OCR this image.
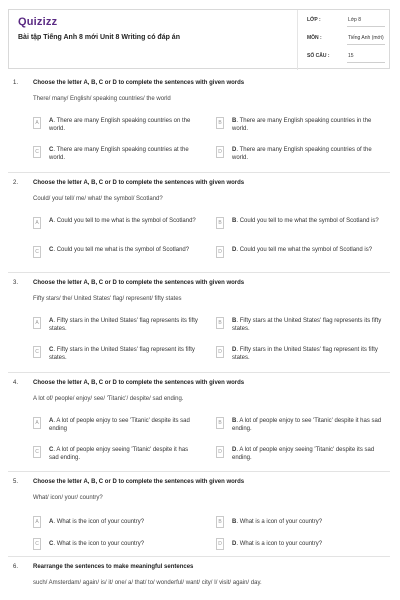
Quizizz
Bài tập Tiếng Anh 8 mới Unit 8 Writing có đáp án
LỚP :	Lớp 8
MÔN :	Tiếng Anh (mới)
SỐ CÂU :	15
1. Choose the letter A, B, C or D to complete the sentences with given words
There/ many/ English/ speaking countries/ the world
A	A. There are many English speaking countries on the world.
B	B. There are many English speaking countries in the world.
C	C. There are many English speaking countries at the world.
D	D. There are many English speaking countries of the world.
2. Choose the letter A, B, C or D to complete the sentences with given words
Could/ you/ tell/ me/ what/ the symbol/ Scotland?
A	A. Could you tell to me what is the symbol of Scotland?	B	B. Could you tell to me what the symbol of Scotland is?
C	C. Could you tell me what is the symbol of Scotland?	D	D. Could you tell me what the symbol of Scotland is?
3. Choose the letter A, B, C or D to complete the sentences with given words
Fifty stars/ the/ United States' flag/ represent/ fifty states
A	A. Fifty stars in the United States' flag represents its fifty states.
B	B. Fifty stars at the United States' flag represents its fifty states.
C	C. Fifty stars in the United States' flag represent its fifty states.
D	D. Fifty stars in the United States' flag represent its fifty states.
4. Choose the letter A, B, C or D to complete the sentences with given words
A lot of/ people/ enjoy/ see/ 'Titanic'/ despite/ sad ending.
A	A. A lot of people enjoy to see 'Titanic' despite its sad ending
B	B. A lot of people enjoy to see 'Titanic' despite it has sad ending.
C	C. A lot of people enjoy seeing 'Titanic' despite it has sad ending.
D	D. A lot of people enjoy seeing 'Titanic' despite its sad ending.
5. Choose the letter A, B, C or D to complete the sentences with given words
What/ icon/ your/ country?
A	A. What is the icon of your country?	B	B. What is a icon of your country?
C	C. What is the icon to your country?	D	D. What is a icon to your country?
6. Rearrange the sentences to make meaningful sentences
such/ Amsterdam/ again/ is/ it/ one/ a/ that/ to/ wonderful/ want/ city/ I/ visit/ again/ day.
